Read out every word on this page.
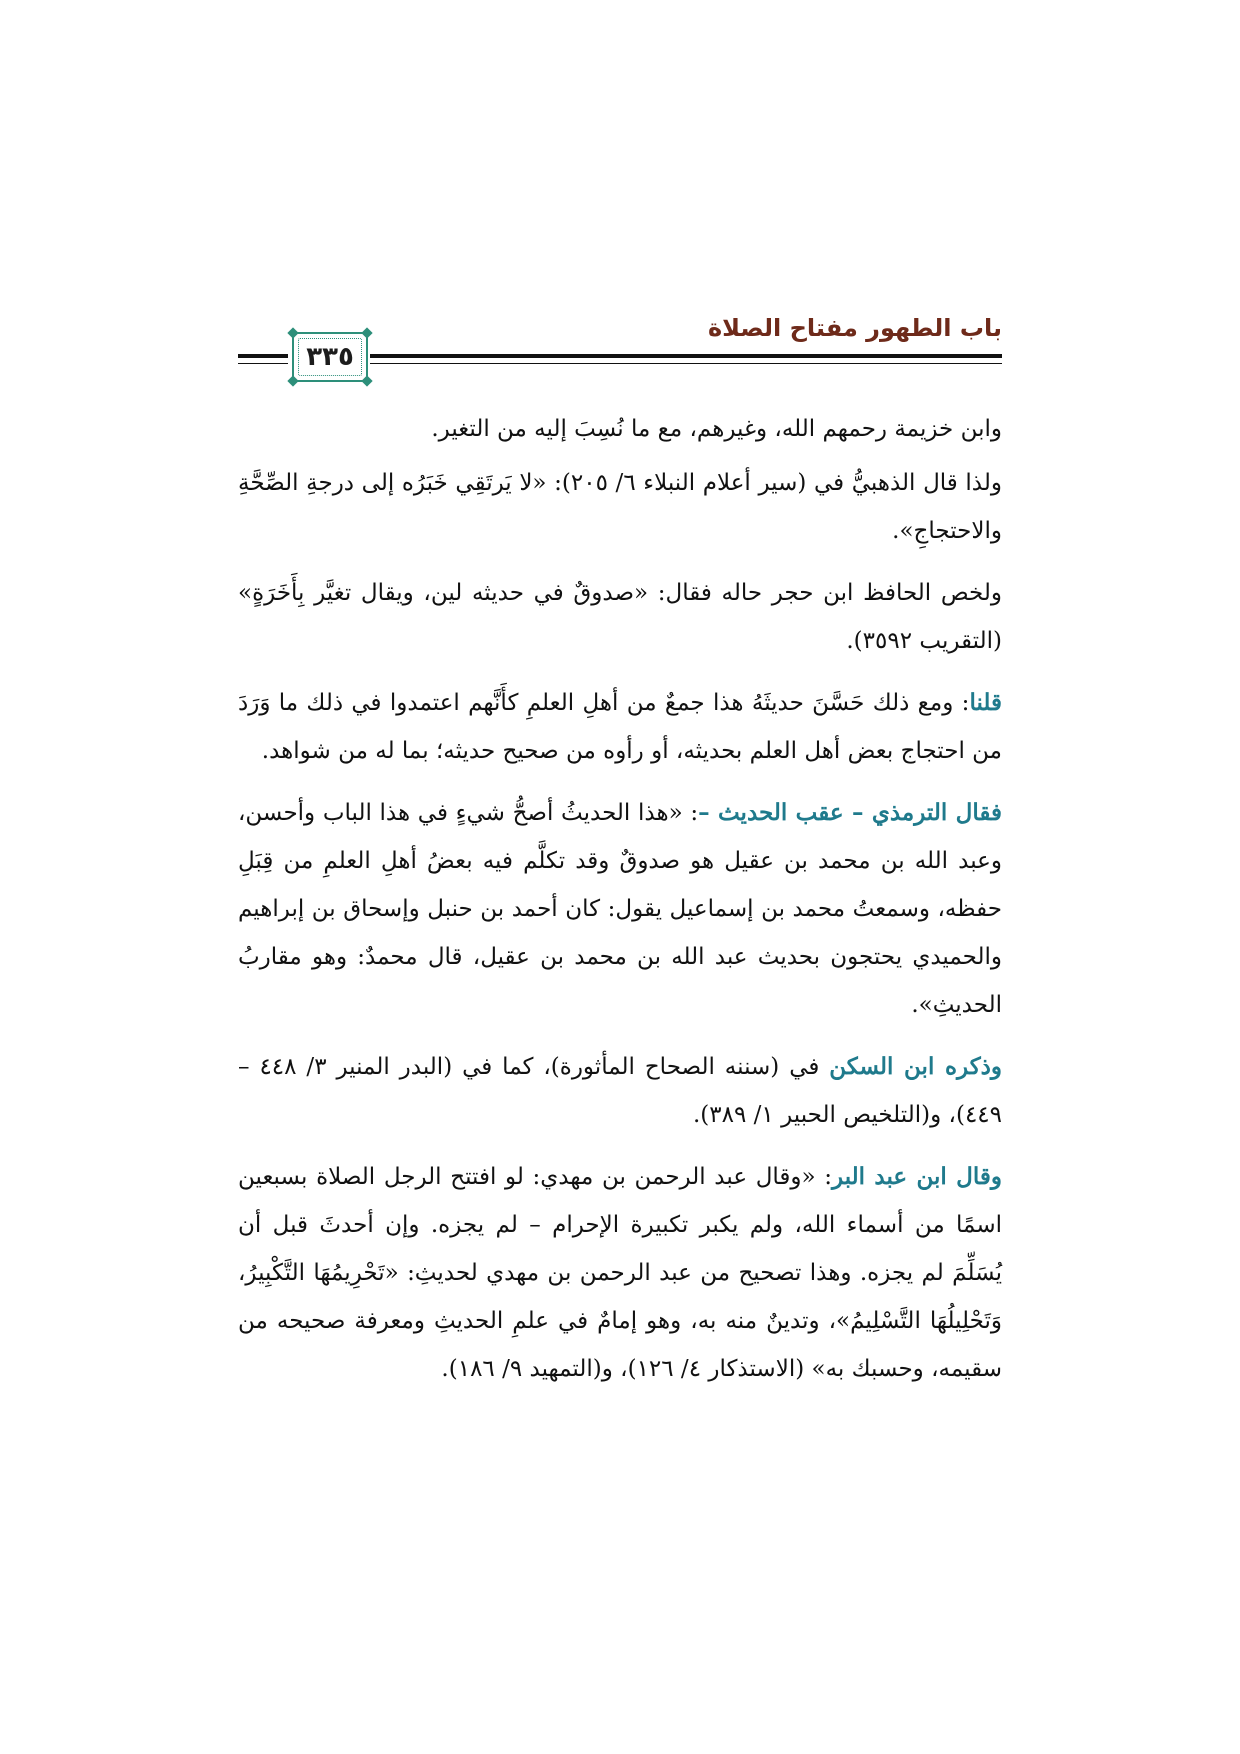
باب الطهور مفتاح الصلاة
٣٣٥

وابن خزيمة رحمهم الله، وغيرهم، مع ما نُسِبَ إليه من التغير.

ولذا قال الذهبيُّ في (سير أعلام النبلاء ٦/ ٢٠٥): «لا يَرتَقِي خَبَرُه إلى درجةِ الصِّحَّةِ والاحتجاجِ».

ولخص الحافظ ابن حجر حاله فقال: «صدوقٌ في حديثه لين، ويقال تغيَّر بِأَخَرَةٍ» (التقريب ٣٥٩٢).

قلنا: ومع ذلك حَسَّنَ حديثَهُ هذا جمعٌ من أهلِ العلمِ كأَنَّهم اعتمدوا في ذلك ما وَرَدَ من احتجاج بعض أهل العلم بحديثه، أو رأوه من صحيح حديثه؛ بما له من شواهد.

فقال الترمذي – عقب الحديث –: «هذا الحديثُ أصحُّ شيءٍ في هذا الباب وأحسن، وعبد الله بن محمد بن عقيل هو صدوقٌ وقد تكلَّم فيه بعضُ أهلِ العلمِ من قِبَلِ حفظه، وسمعتُ محمد بن إسماعيل يقول: كان أحمد بن حنبل وإسحاق بن إبراهيم والحميدي يحتجون بحديث عبد الله بن محمد بن عقيل، قال محمدٌ: وهو مقاربُ الحديثِ».

وذكره ابن السكن في (سننه الصحاح المأثورة)، كما في (البدر المنير ٣/ ٤٤٨ – ٤٤٩)، و(التلخيص الحبير ١/ ٣٨٩).

وقال ابن عبد البر: «وقال عبد الرحمن بن مهدي: لو افتتح الرجل الصلاة بسبعين اسمًا من أسماء الله، ولم يكبر تكبيرة الإحرام – لم يجزه. وإن أحدثَ قبل أن يُسَلِّمَ لم يجزه. وهذا تصحيح من عبد الرحمن بن مهدي لحديثِ: «تَحْرِيمُهَا التَّكْبِيرُ، وَتَحْلِيلُهَا التَّسْلِيمُ»، وتدينٌ منه به، وهو إمامٌ في علمِ الحديثِ ومعرفة صحيحه من سقيمه، وحسبك به» (الاستذكار ٤/ ١٢٦)، و(التمهيد ٩/ ١٨٦).
